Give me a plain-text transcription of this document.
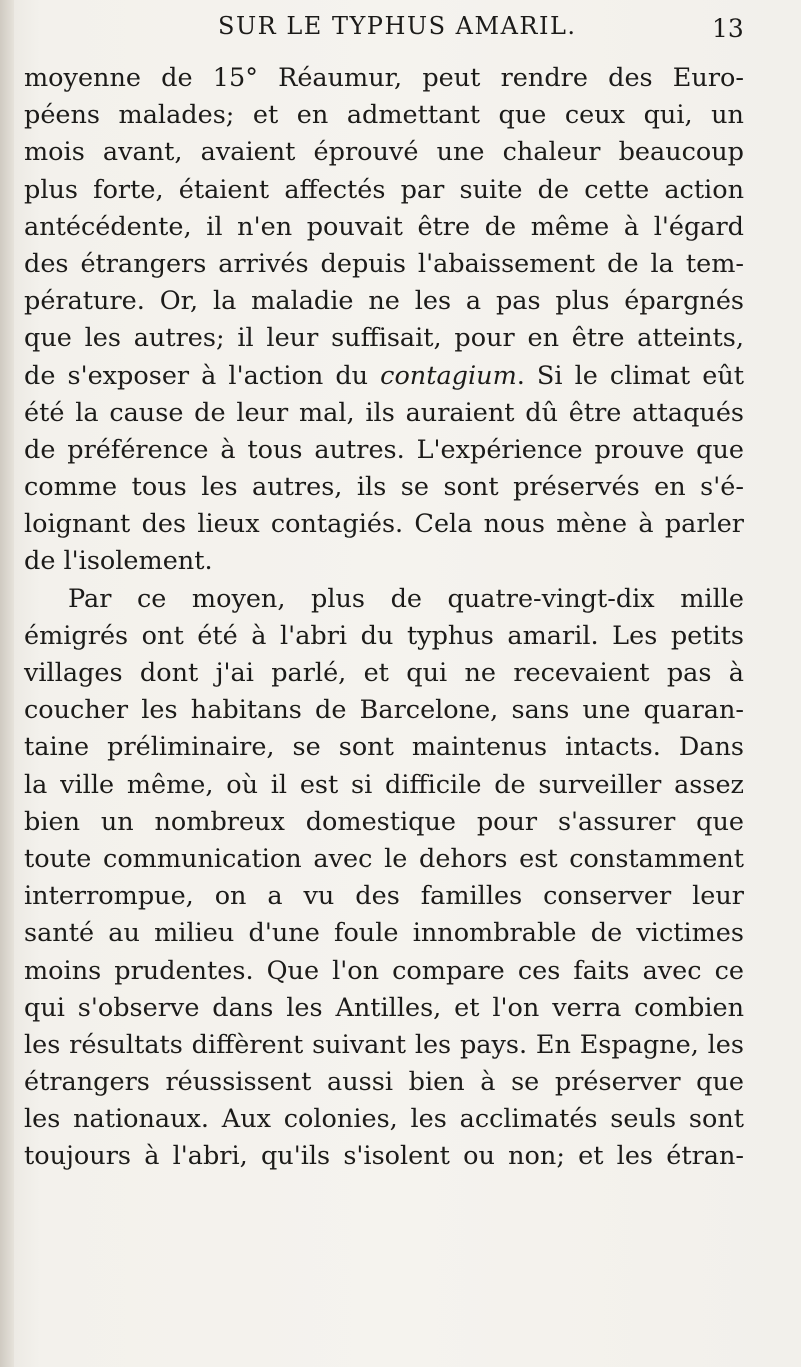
SUR LE TYPHUS AMARIL.	13
moyenne de 15° Réaumur, peut rendre des Euro-
péens malades; et en admettant que ceux qui, un
mois avant, avaient éprouvé une chaleur beaucoup
plus forte, étaient affectés par suite de cette action
antécédente, il n'en pouvait être de même à l'égard
des étrangers arrivés depuis l'abaissement de la tem-
pérature. Or, la maladie ne les a pas plus épargnés
que les autres; il leur suffisait, pour en être atteints,
de s'exposer à l'action du contagium. Si le climat eût
été la cause de leur mal, ils auraient dû être attaqués
de préférence à tous autres. L'expérience prouve que
comme tous les autres, ils se sont préservés en s'é-
loignant des lieux contagiés. Cela nous mène à parler
de l'isolement.
Par ce moyen, plus de quatre-vingt-dix mille
émigrés ont été à l'abri du typhus amaril. Les petits
villages dont j'ai parlé, et qui ne recevaient pas à
coucher les habitans de Barcelone, sans une quaran-
taine préliminaire, se sont maintenus intacts. Dans
la ville même, où il est si difficile de surveiller assez
bien un nombreux domestique pour s'assurer que
toute communication avec le dehors est constamment
interrompue, on a vu des familles conserver leur
santé au milieu d'une foule innombrable de victimes
moins prudentes. Que l'on compare ces faits avec ce
qui s'observe dans les Antilles, et l'on verra combien
les résultats diffèrent suivant les pays. En Espagne, les
étrangers réussissent aussi bien à se préserver que
les nationaux. Aux colonies, les acclimatés seuls sont
toujours à l'abri, qu'ils s'isolent ou non; et les étran-
